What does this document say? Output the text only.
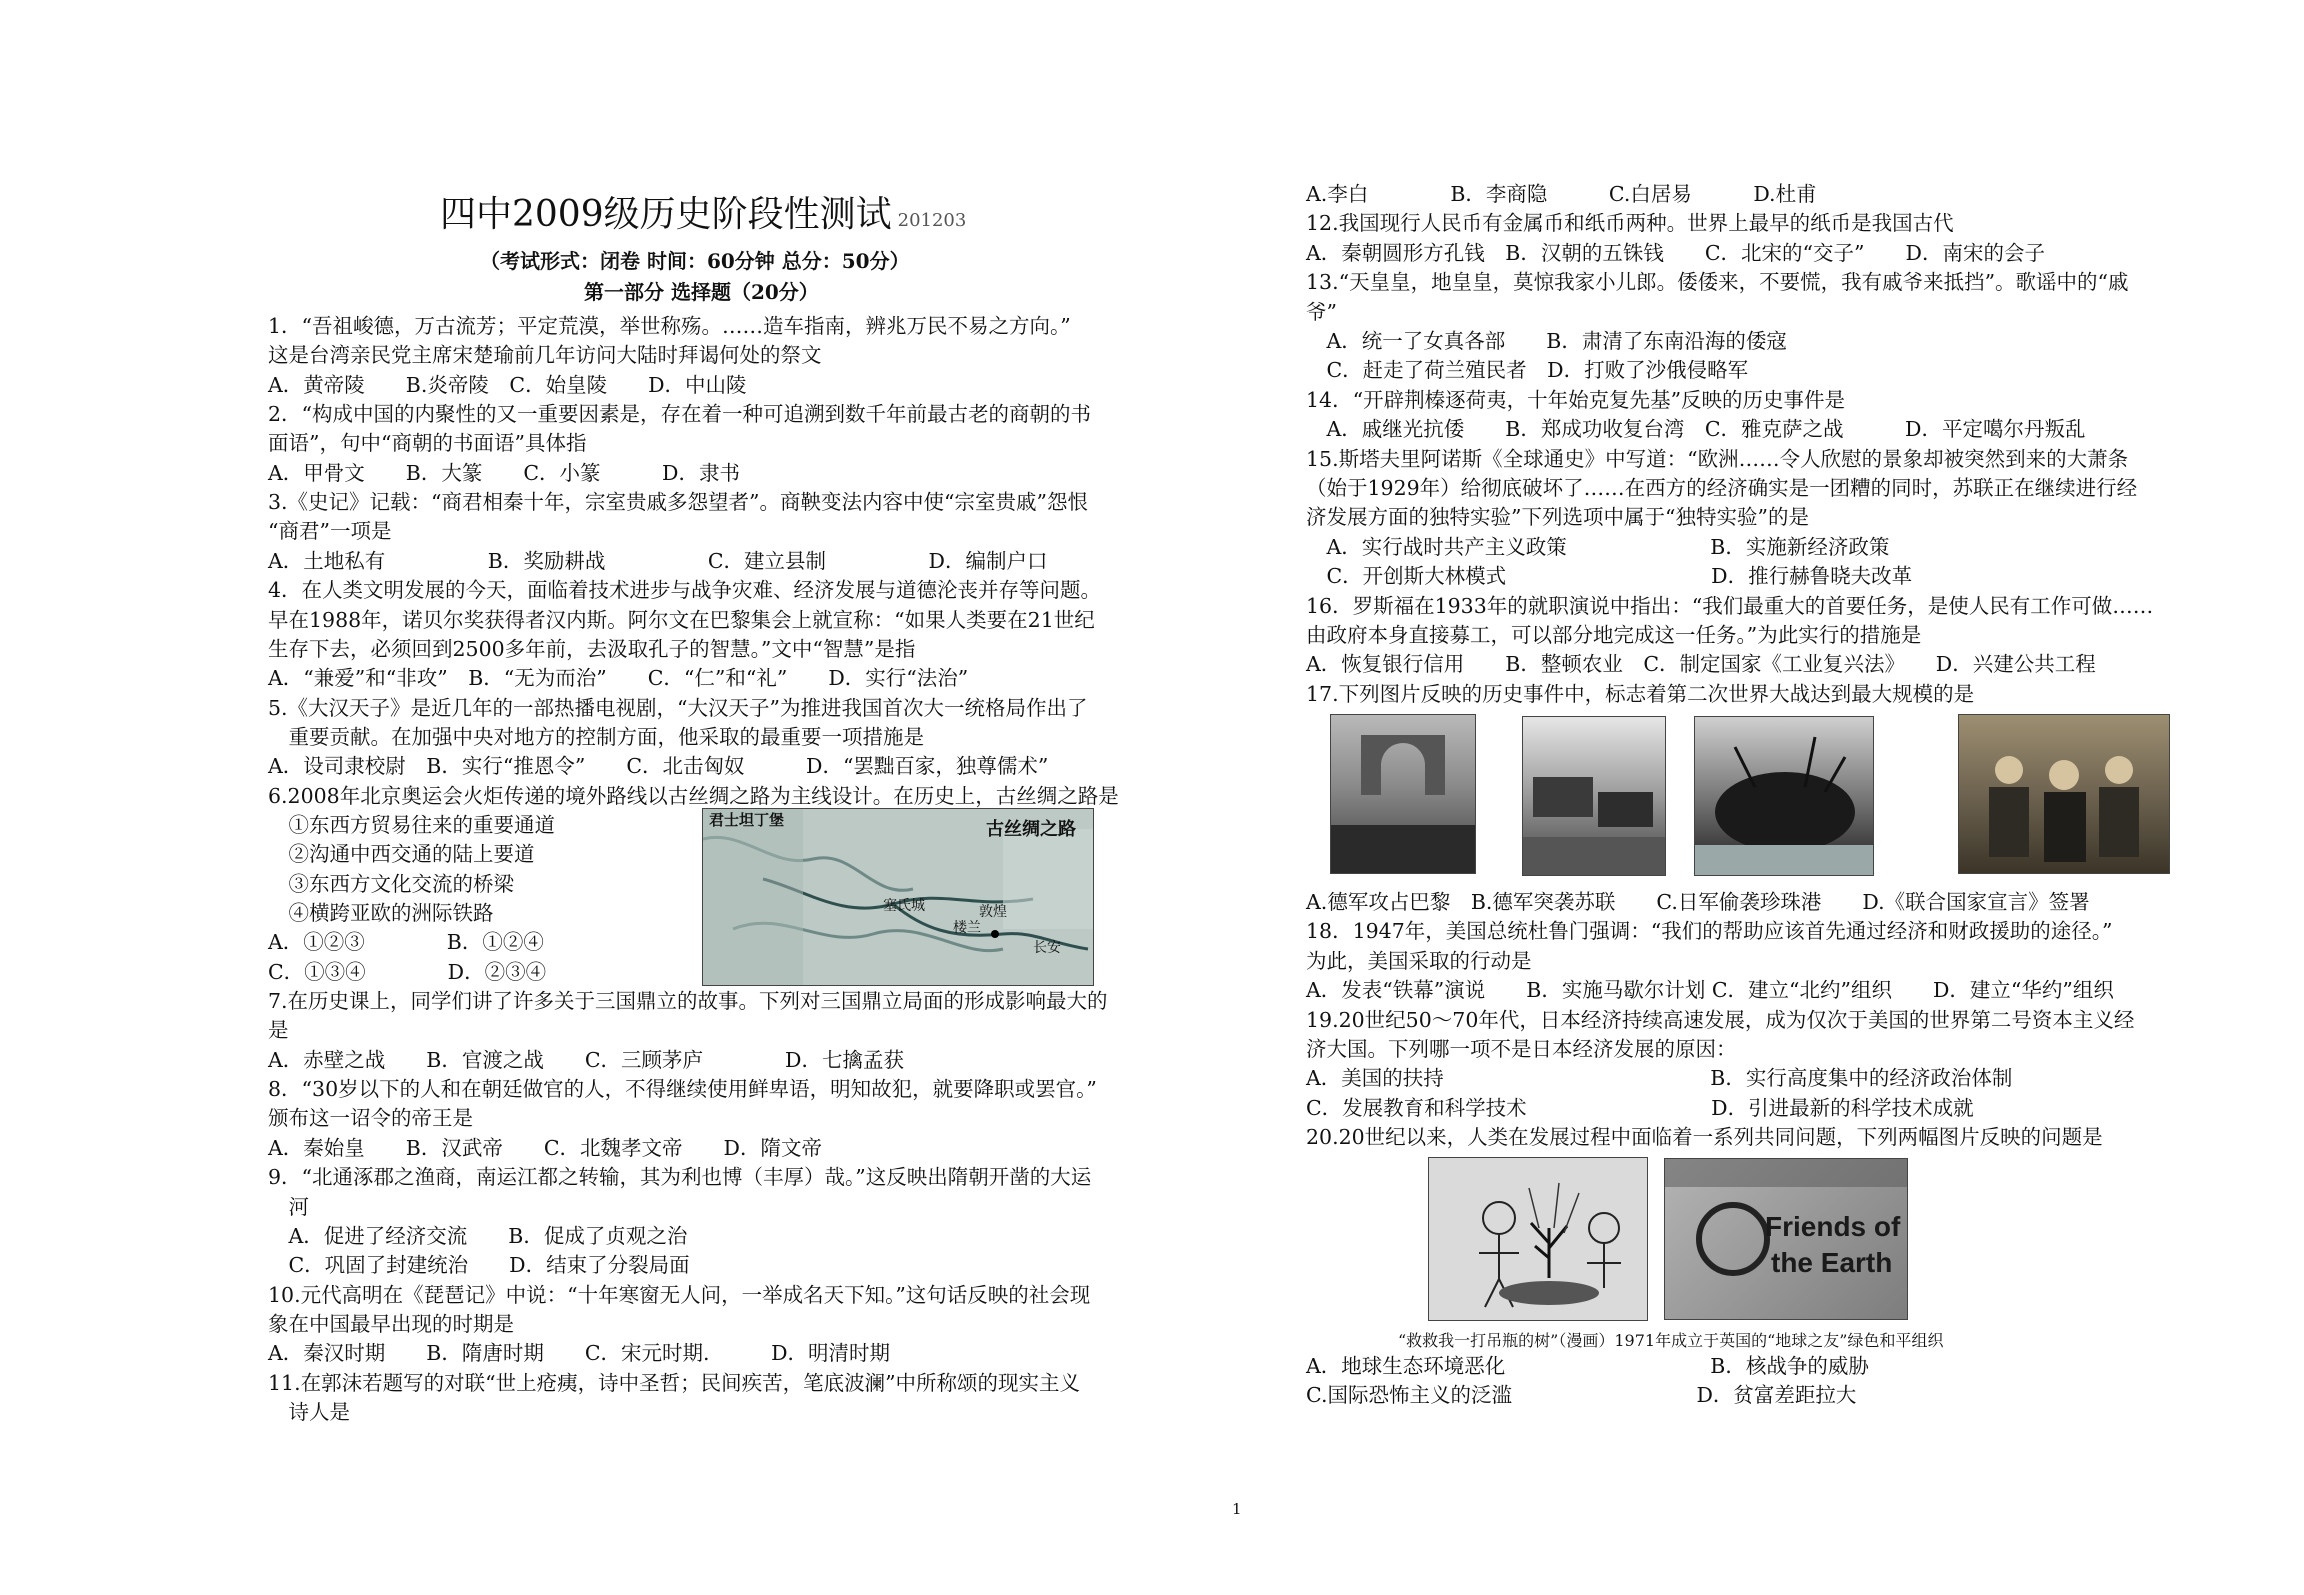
四中2009级历史阶段性测试 201203
（考试形式：闭卷 时间：60分钟 总分：50分）
第一部分 选择题（20分）
1．“吾祖峻德，万古流芳；平定荒漠，举世称殇。……造车指南，辨兆万民不易之方向。”
这是台湾亲民党主席宋楚瑜前几年访问大陆时拜谒何处的祭文
A．黄帝陵　　B.炎帝陵　C．始皇陵　　D．中山陵
2．“构成中国的内聚性的又一重要因素是，存在着一种可追溯到数千年前最古老的商朝的书
面语”，句中“商朝的书面语”具体指
A．甲骨文　　B．大篆　　C．小篆　　　D．隶书
3.《史记》记载：“商君相秦十年，宗室贵戚多怨望者”。商鞅变法内容中使“宗室贵戚”怨恨
“商君”一项是
A．土地私有　　　　　B．奖励耕战　　　　　C．建立县制　　　　　D．编制户口
4．在人类文明发展的今天，面临着技术进步与战争灾难、经济发展与道德沦丧并存等问题。
早在1988年，诺贝尔奖获得者汉内斯。阿尔文在巴黎集会上就宣称：“如果人类要在21世纪
生存下去，必须回到2500多年前，去汲取孔子的智慧。”文中“智慧”是指
A．“兼爱”和“非攻”　B．“无为而治”　　C．“仁”和“礼”　　D．实行“法治”
5.《大汉天子》是近几年的一部热播电视剧，“大汉天子”为推进我国首次大一统格局作出了
　重要贡献。在加强中央对地方的控制方面，他采取的最重要一项措施是
A．设司隶校尉　B．实行“推恩令”　　C．北击匈奴　　　D．“罢黜百家，独尊儒术”
6.2008年北京奥运会火炬传递的境外路线以古丝绸之路为主线设计。在历史上，古丝绸之路是
　①东西方贸易往来的重要通道
　②沟通中西交通的陆上要道
　③东西方文化交流的桥梁
　④横跨亚欧的洲际铁路
A．①②③　　　　B．①②④
C．①③④　　　　D．②③④
7.在历史课上，同学们讲了许多关于三国鼎立的故事。下列对三国鼎立局面的形成影响最大的
是
A．赤壁之战　　B．官渡之战　　C．三顾茅庐　　　　D．七擒孟获
8．“30岁以下的人和在朝廷做官的人，不得继续使用鲜卑语，明知故犯，就要降职或罢官。”
颁布这一诏令的帝王是
A．秦始皇　　B．汉武帝　　C．北魏孝文帝　　D．隋文帝
9．“北通涿郡之渔商，南运江都之转输，其为利也博（丰厚）哉。”这反映出隋朝开凿的大运
　河
　A．促进了经济交流　　B．促成了贞观之治
　C．巩固了封建统治　　D．结束了分裂局面
10.元代高明在《琵琶记》中说：“十年寒窗无人问，一举成名天下知。”这句话反映的社会现
象在中国最早出现的时期是
A．秦汉时期　　B．隋唐时期　　C．宋元时期.　　　D．明清时期
11.在郭沫若题写的对联“世上疮痍，诗中圣哲；民间疾苦，笔底波澜”中所称颂的现实主义
　诗人是
君士坦丁堡	古丝绸之路
塞氏城	敦煌
楼兰
长安
A.李白　　　　B．李商隐　　　C.白居易　　　D.杜甫
12.我国现行人民币有金属币和纸币两种。世界上最早的纸币是我国古代
A．秦朝圆形方孔钱　B．汉朝的五铢钱　　C．北宋的“交子”　　D．南宋的会子
13.“天皇皇，地皇皇，莫惊我家小儿郎。倭倭来，不要慌，我有戚爷来抵挡”。歌谣中的“戚
爷”
　A．统一了女真各部　　B．肃清了东南沿海的倭寇
　C．赶走了荷兰殖民者　D．打败了沙俄侵略军
14．“开辟荆榛逐荷夷，十年始克复先基”反映的历史事件是
　A．戚继光抗倭　　B．郑成功收复台湾　C．雅克萨之战　　　D．平定噶尔丹叛乱
15.斯塔夫里阿诺斯《全球通史》中写道：“欧洲……令人欣慰的景象却被突然到来的大萧条
（始于1929年）给彻底破坏了……在西方的经济确实是一团糟的同时，苏联正在继续进行经
济发展方面的独特实验”下列选项中属于“独特实验”的是
　A．实行战时共产主义政策　　　　　　　B．实施新经济政策
　C．开创斯大林模式　　　　　　　　　　D．推行赫鲁晓夫改革
16．罗斯福在1933年的就职演说中指出：“我们最重大的首要任务，是使人民有工作可做……
由政府本身直接募工，可以部分地完成这一任务。”为此实行的措施是
A．恢复银行信用　　B．整顿农业　C．制定国家《工业复兴法》　　D．兴建公共工程
17.下列图片反映的历史事件中，标志着第二次世界大战达到最大规模的是
A.德军攻占巴黎　B.德军突袭苏联　　C.日军偷袭珍珠港　　D.《联合国家宣言》签署
18．1947年，美国总统杜鲁门强调：“我们的帮助应该首先通过经济和财政援助的途径。”
为此，美国采取的行动是
A．发表“铁幕”演说　　B．实施马歇尔计划 C．建立“北约”组织　　D．建立“华约”组织
19.20世纪50～70年代，日本经济持续高速发展，成为仅次于美国的世界第二号资本主义经
济大国。下列哪一项不是日本经济发展的原因：
A．美国的扶持　　　　　　　　　　　　　B．实行高度集中的经济政治体制
C．发展教育和科学技术　　　　　　　　　D．引进最新的科学技术成就
20.20世纪以来，人类在发展过程中面临着一系列共同问题，下列两幅图片反映的问题是
A．地球生态环境恶化　　　　　　　　　　B．核战争的威胁
C.国际恐怖主义的泛滥　　　　　　　　　D．贫富差距拉大
Friends of
the Earth
“救救我一打吊瓶的树”（漫画）1971年成立于英国的“地球之友”绿色和平组织
1
